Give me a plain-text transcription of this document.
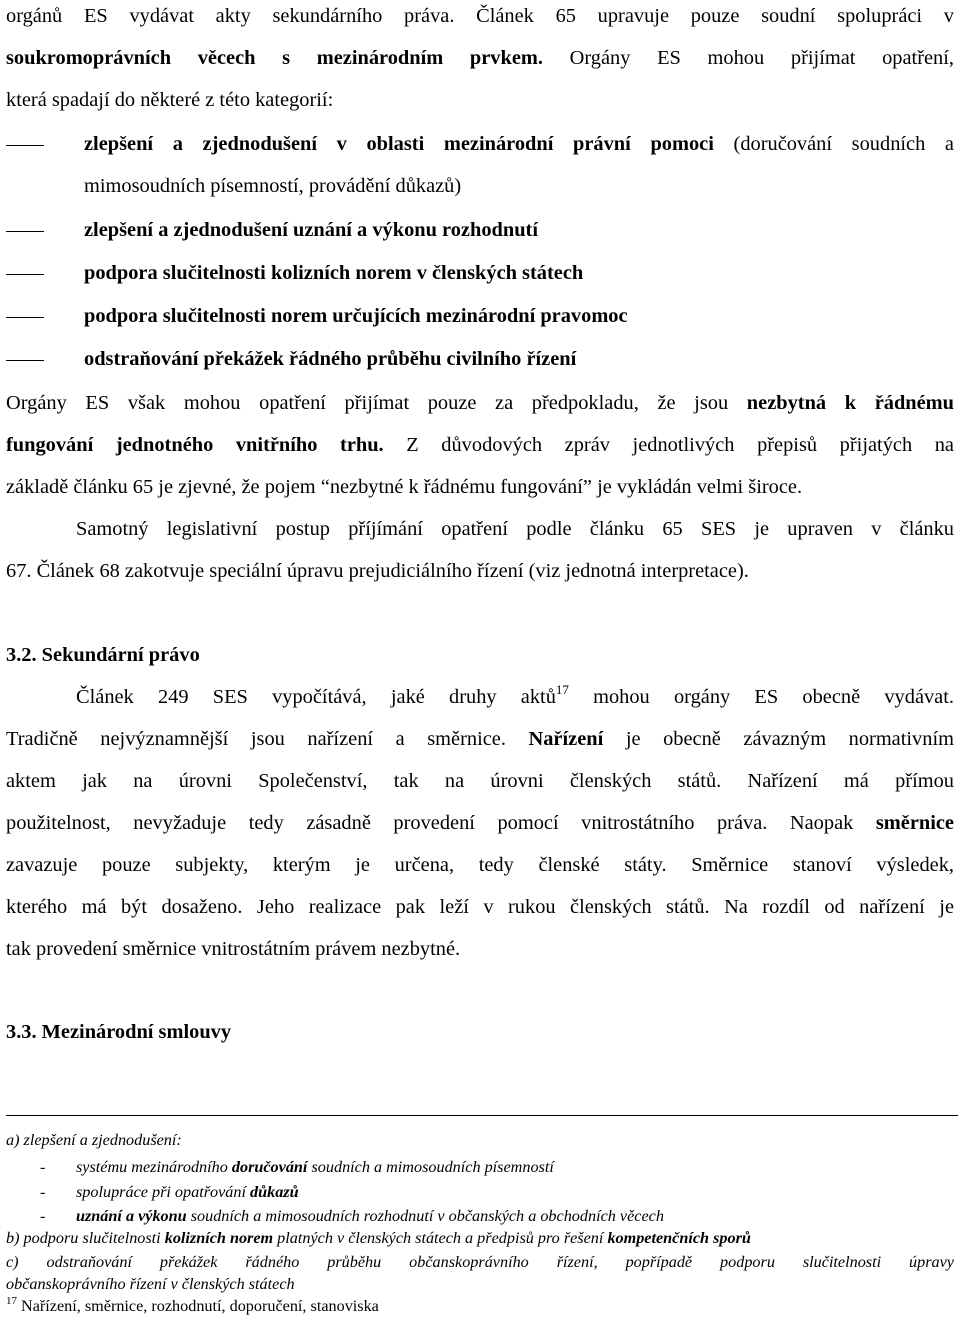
orgánů ES vydávat akty sekundárního práva. Článek 65 upravuje pouze soudní spolupráci v
soukromoprávních věcech s mezinárodním prvkem. Orgány ES mohou přijímat opatření,
která spadají do některé z této kategorií:
zlepšení a zjednodušení v oblasti mezinárodní právní pomoci (doručování soudních a
mimosoudních písemností, provádění důkazů)
zlepšení a zjednodušení uznání a výkonu rozhodnutí
podpora slučitelnosti kolizních norem v členských státech
podpora slučitelnosti norem určujících mezinárodní pravomoc
odstraňování překážek řádného průběhu civilního řízení
Orgány ES však mohou opatření přijímat pouze za předpokladu, že jsou nezbytná k řádnému
fungování jednotného vnitřního trhu. Z důvodových zpráv jednotlivých přepisů přijatých na
základě článku 65 je zjevné, že pojem “nezbytné k řádnému fungování” je vykládán velmi široce.
Samotný legislativní postup příjímání opatření podle článku 65 SES je upraven v článku
67. Článek 68 zakotvuje speciální úpravu prejudiciálního řízení (viz jednotná interpretace).
3.2. Sekundární právo
Článek 249 SES vypočítává, jaké druhy aktů$^{17}$ mohou orgány ES obecně vydávat.
Tradičně nejvýznamnější jsou nařízení a směrnice. Nařízení je obecně závazným normativním
aktem jak na úrovni Společenství, tak na úrovni členských států. Nařízení má přímou
použitelnost, nevyžaduje tedy zásadně provedení pomocí vnitrostátního práva. Naopak směrnice
zavazuje pouze subjekty, kterým je určena, tedy členské státy. Směrnice stanoví výsledek,
kterého má být dosaženo. Jeho realizace pak leží v rukou členských států. Na rozdíl od nařízení je
tak provedení směrnice vnitrostátním právem nezbytné.
3.3. Mezinárodní smlouvy
a) zlepšení a zjednodušení:
-	systému mezinárodního doručování soudních a mimosoudních písemností
-	spolupráce při opatřování důkazů
-	uznání a výkonu soudních a mimosoudních rozhodnutí v občanských a obchodních věcech
b) podporu slučitelnosti kolizních norem platných v členských státech a předpisů pro řešení kompetenčních sporů
c) odstraňování překážek řádného průběhu občanskoprávního řízení, popřípadě podporu slučitelnosti úpravy
občanskoprávního řízení v členských státech
$^{17}$ Nařízení, směrnice, rozhodnutí, doporučení, stanoviska
